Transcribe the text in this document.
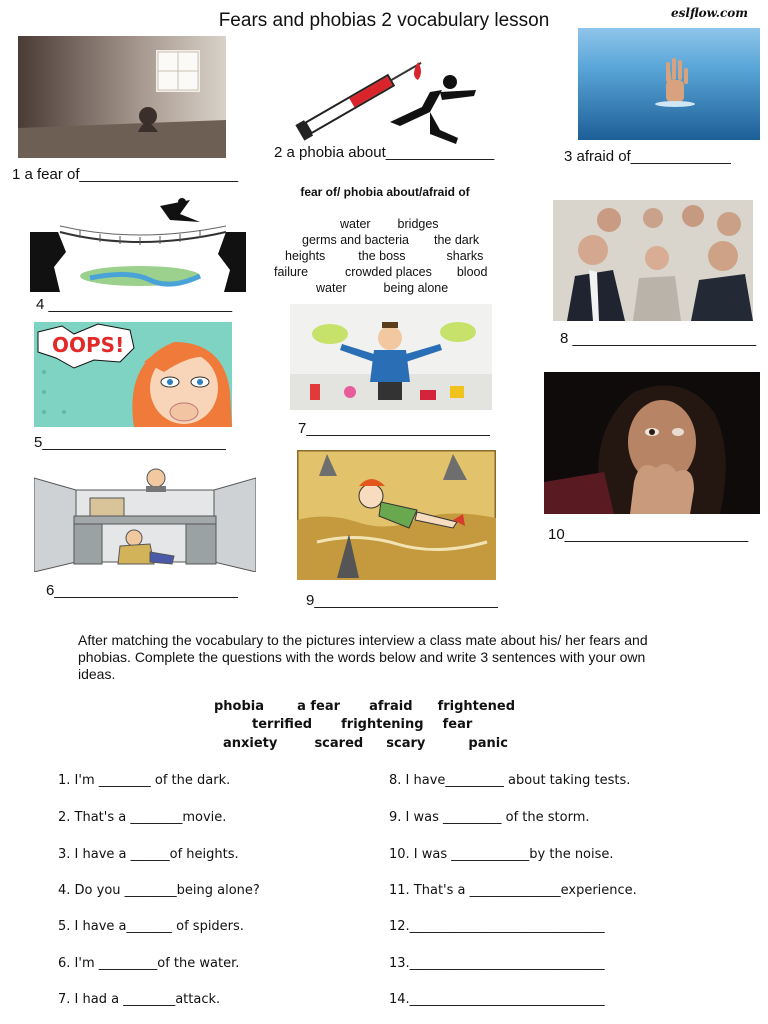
Fears and phobias 2 vocabulary lesson	eslflow.com
1 a fear of___________________
2 a phobia about_____________	3 afraid of____________
fear of/ phobia about/afraid of
water bridges
germs and bacteria the dark
heights	the boss	sharks
failure	crowded places blood
water	being alone
4 ______________________
8 ______________________
OOPS!
5______________________
7______________________
10______________________
6______________________
9______________________
After matching the vocabulary to the pictures interview a class mate about his/ her fears and phobias. Complete the questions with the words below and write 3 sentences with your own ideas.
phobia	a fear afraid frightened
terrified frightening fear
anxiety	scared scary	panic
1. I'm ________ of the dark.
2. That's a ________movie.
3. I have a ______of heights.
4. Do you ________being alone?
5. I have a_______ of spiders.
6. I'm _________of the water.
7. I had a ________attack.
8. I have_________ about taking tests.
9. I was _________ of the storm.
10. I was ____________by the noise.
11. That's a ______________experience.
12.______________________________
13.______________________________
14.______________________________
